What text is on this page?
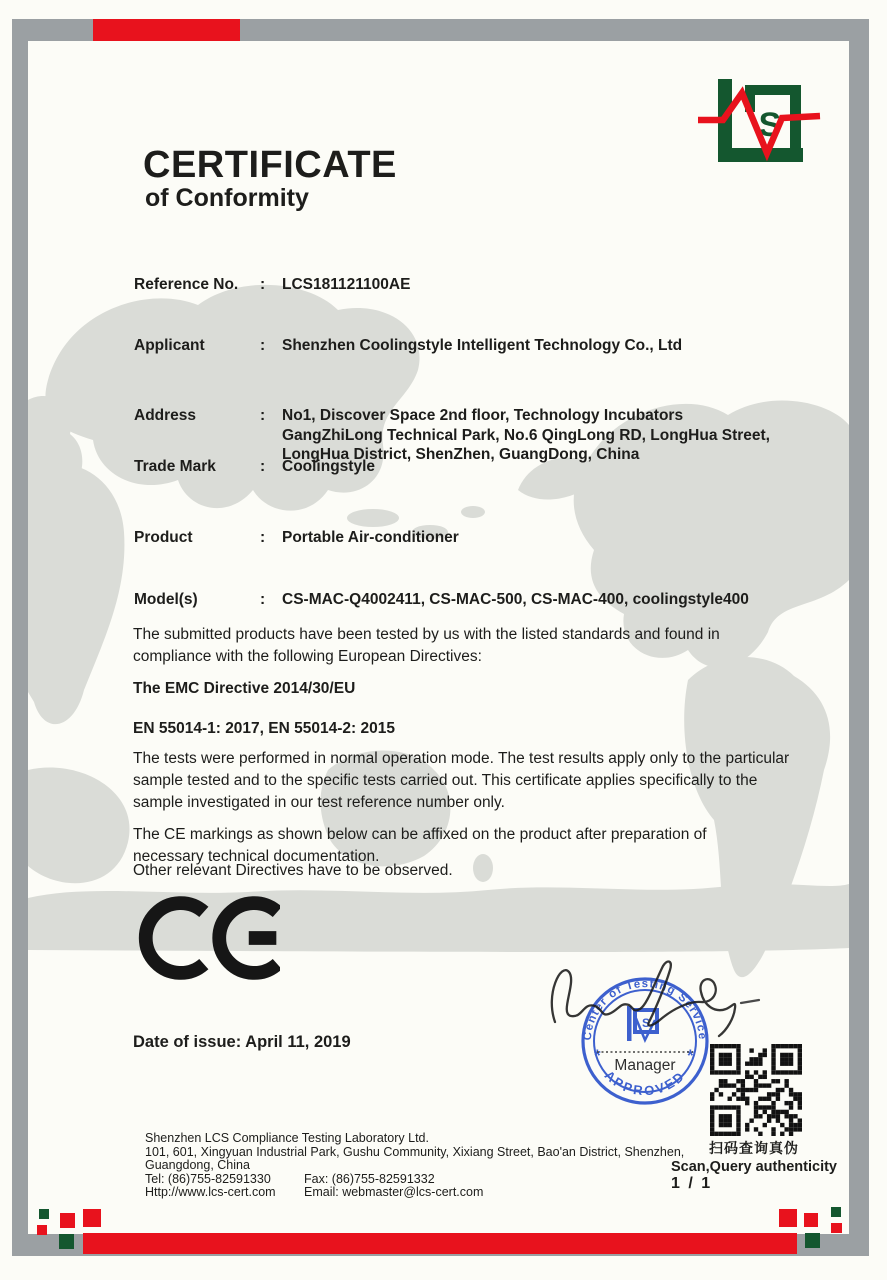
S
CERTIFICATE
of Conformity
Reference No. : LCS181121100AE
Applicant	: Shenzhen Coolingstyle Intelligent Technology Co., Ltd
Address	: No1, Discover Space 2nd floor, Technology Incubators GangZhiLong Technical Park, No.6 QingLong RD, LongHua Street, LongHua District, ShenZhen, GuangDong, China
Trade Mark	: Coolingstyle
Product	: Portable Air-conditioner
Model(s)	: CS-MAC-Q4002411, CS-MAC-500, CS-MAC-400, coolingstyle400
The submitted products have been tested by us with the listed standards and found in compliance with the following European Directives:
The EMC Directive 2014/30/EU
EN 55014-1: 2017, EN 55014-2: 2015
The tests were performed in normal operation mode. The test results apply only to the particular sample tested and to the specific tests carried out. This certificate applies specifically to the sample investigated in our test reference number only.
The CE markings as shown below can be affixed on the product after preparation of necessary technical documentation.
Other relevant Directives have to be observed.
Date of issue: April 11, 2019	Center of Testing Service
APPROVED
S
*	*
Manager
扫码查询真伪
Scan,Query authenticity
Shenzhen LCS Compliance Testing Laboratory Ltd.
101, 601, Xingyuan Industrial Park, Gushu Community, Xixiang Street, Bao'an District, Shenzhen,
Guangdong, China
Tel: (86)755-82591330	Fax: (86)755-82591332
Http://www.lcs-cert.com Email: webmaster@lcs-cert.com
1 / 1
